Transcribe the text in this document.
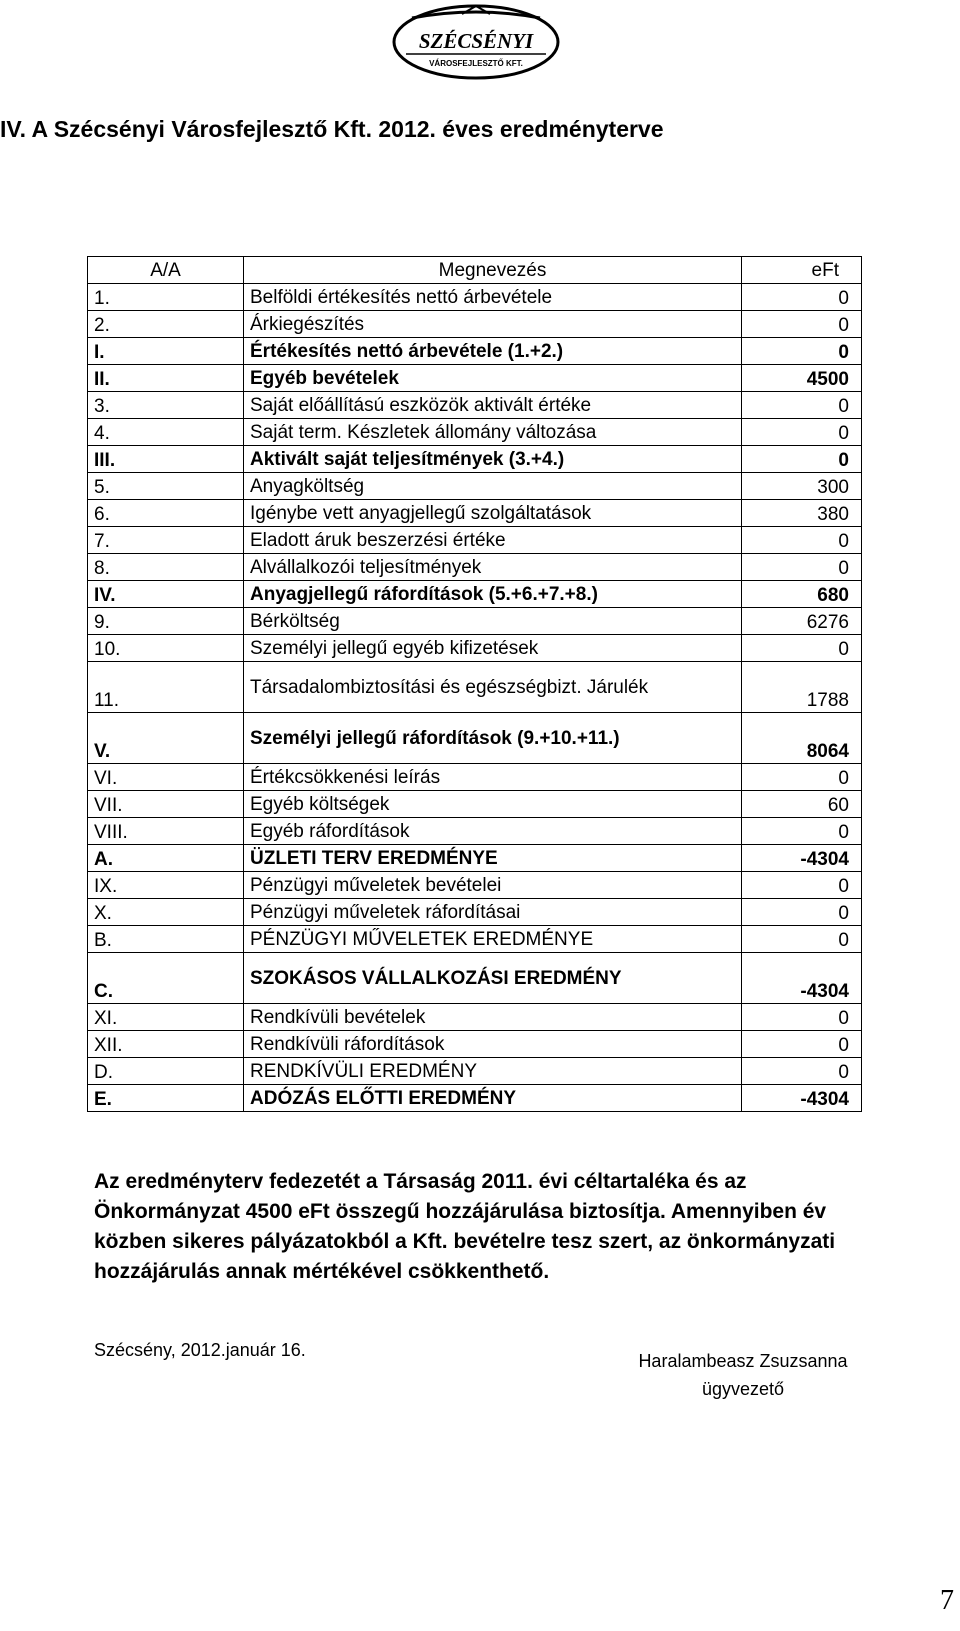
SZÉCSÉNYI
VÁROSFEJLESZTŐ KFT.
IV. A Szécsényi Városfejlesztő Kft. 2012. éves eredményterve
A/A	Megnevezés	eFt
1.	Belföldi értékesítés nettó árbevétele	0
2.	Árkiegészítés	0
I.	Értékesítés nettó árbevétele (1.+2.)	0
II.	Egyéb bevételek	4500
3.	Saját előállítású eszközök aktivált értéke	0
4.	Saját term. Készletek állomány változása	0
III.	Aktivált saját teljesítmények (3.+4.)	0
5.	Anyagköltség	300
6.	Igénybe vett anyagjellegű szolgáltatások	380
7.	Eladott áruk beszerzési értéke	0
8.	Alvállalkozói teljesítmények	0
IV.	Anyagjellegű ráfordítások (5.+6.+7.+8.)	680
9.	Bérköltség	6276
10.	Személyi jellegű egyéb kifizetések	0
11.	Társadalombiztosítási és egészségbizt. Járulék	1788
V.	Személyi jellegű ráfordítások (9.+10.+11.)	8064
VI.	Értékcsökkenési leírás	0
VII.	Egyéb költségek	60
VIII.	Egyéb ráfordítások	0
A.	ÜZLETI TERV EREDMÉNYE	-4304
IX.	Pénzügyi műveletek bevételei	0
X.	Pénzügyi műveletek ráfordításai	0
B.	PÉNZÜGYI MŰVELETEK EREDMÉNYE	0
C.	SZOKÁSOS VÁLLALKOZÁSI EREDMÉNY	-4304
XI.	Rendkívüli bevételek	0
XII.	Rendkívüli ráfordítások	0
D.	RENDKÍVÜLI EREDMÉNY	0
E.	ADÓZÁS ELŐTTI EREDMÉNY	-4304

Az eredményterv fedezetét a Társaság 2011. évi céltartaléka és az Önkormányzat 4500 eFt összegű hozzájárulása biztosítja. Amennyiben év közben sikeres pályázatokból a Kft. bevételre tesz szert, az önkormányzati hozzájárulás annak mértékével csökkenthető.

Szécsény, 2012.január 16.

Haralambeasz Zsuzsanna
ügyvezető

7
